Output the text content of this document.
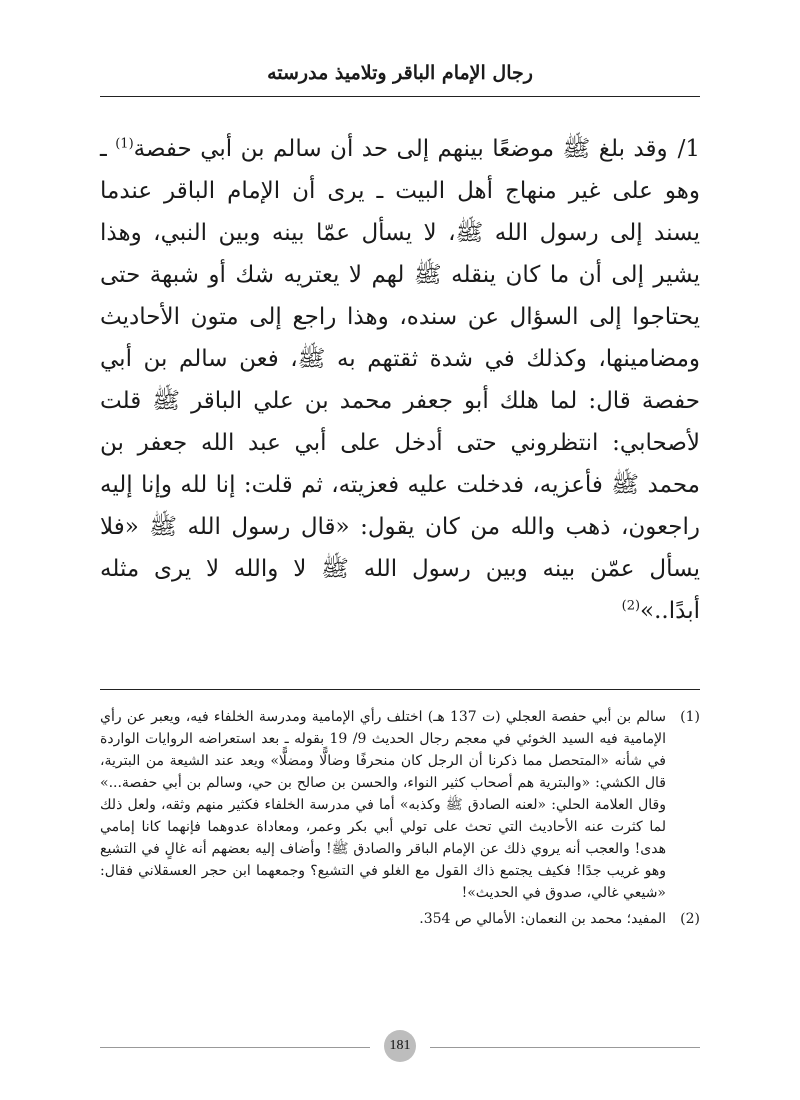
رجال الإمام الباقر وتلاميذ مدرسته

1/وقد بلغ ﷺ موضعًا بينهم إلى حد أن سالم بن أبي حفصة$^{(1)}$ ـ وهو على غير منهاج أهل البيت ـ يرى أن الإمام الباقر عندما يسند إلى رسول الله ﷺ، لا يسأل عمّا بينه وبين النبي، وهذا يشير إلى أن ما كان ينقله ﷺ لهم لا يعتريه شك أو شبهة حتى يحتاجوا إلى السؤال عن سنده، وهذا راجع إلى متون الأحاديث ومضامينها، وكذلك في شدة ثقتهم به ﷺ، فعن سالم بن أبي حفصة قال: لما هلك أبو جعفر محمد بن علي الباقر ﷺ قلت لأصحابي: انتظروني حتى أدخل على أبي عبد الله جعفر بن محمد ﷺ فأعزيه، فدخلت عليه فعزيته، ثم قلت: إنا لله وإنا إليه راجعون، ذهب والله من كان يقول: «قال رسول الله ﷺ «فلا يسأل عمّن بينه وبين رسول الله ﷺ لا والله لا يرى مثله أبدًا..»$^{(2)}$

(1)
سالم بن أبي حفصة العجلي (ت 137 هـ) اختلف رأي الإمامية ومدرسة الخلفاء فيه، ويعبر عن رأي الإمامية فيه السيد الخوئي في معجم رجال الحديث 9/ 19 بقوله ـ بعد استعراضه الروايات الواردة في شأنه «المتحصل مما ذكرنا أن الرجل كان منحرفًا وضالًّا ومضلًّا» ويعد عند الشيعة من البترية، قال الكشي: «والبترية هم أصحاب كثير النواء، والحسن بن صالح بن حي، وسالم بن أبي حفصة...» وقال العلامة الحلي: «لعنه الصادق ﷺ وكذبه» أما في مدرسة الخلفاء فكثير منهم وثقه، ولعل ذلك لما كثرت عنه الأحاديث التي تحث على تولي أبي بكر وعمر، ومعاداة عدوهما فإنهما كانا إمامي هدى! والعجب أنه يروي ذلك عن الإمام الباقر والصادق ﷺ! وأضاف إليه بعضهم أنه غالٍ في التشيع وهو غريب جدًا! فكيف يجتمع ذاك القول مع الغلو في التشيع؟ وجمعهما ابن حجر العسقلاني فقال: «شيعي غالي، صدوق في الحديث»!
(2)
المفيد؛ محمد بن النعمان: الأمالي ص 354.
181
